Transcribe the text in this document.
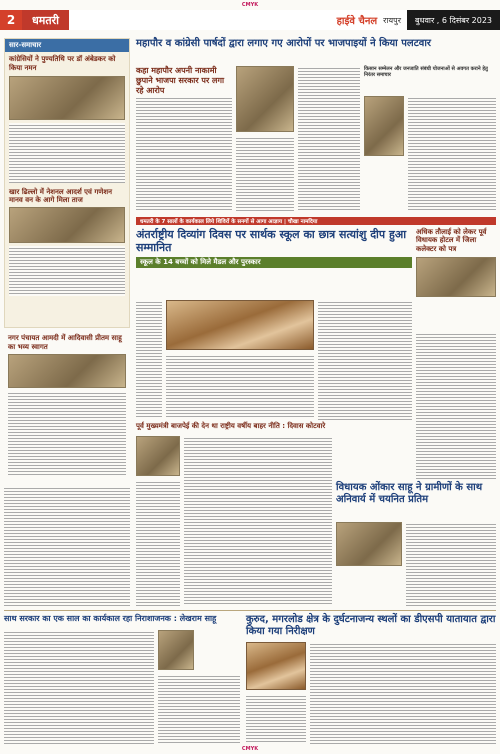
CMYK
2	धमतरी	हाईवे चैनल रायपुर	बुधवार , 6 दिसंबर 2023
सार-समाचार
कांग्रेसियों ने पुण्यतिथि पर डॉ अंबेडकर को किया नमन
खार ढिल्लो में नेशनल आदर्श एवं गणेशन मानव वन के आगे मिला ताज
नगर पंचायत आमदी में आदिवासी प्रीतम साहू का भव्य स्वागत
महापौर व कांग्रेसी पार्षदों द्वारा लगाए गए आरोपों पर भाजपाइयों ने किया पलटवार
कहा महापौर अपनी नाकामी छुपाने भाजपा सरकार पर लगा रहे आरोप
किसान सम्मेलन और जनजाति संबंधी योजनाओं से अवगत कराने हेतु निरंतर समाचार
धमतरी के 7 सालों के कार्यकाल लिये शिविरों के सनगों से आगा आज्ञाय | चौखा नामदिया
अंतर्राष्ट्रीय दिव्यांग दिवस पर सार्थक स्कूल का छात्र सत्यांशु दीप हुआ सम्मानित
स्कूल के 14 बच्चों को मिले मैडल और पुरस्कार
अधिक तौलाई को लेकर पूर्व विधायक होटल में जिला कलेक्टर को पत्र
पूर्व मुख्यमंत्री बाजपेई की देन था राष्ट्रीय वर्षीय बाहर नीति : दिवास कोटवारे
विधायक ओंकार साहू ने ग्रामीणों के साथ अनिवार्य में चयनित प्रतिम
साथ सरकार का एक साल का कार्यकाल रहा निराशाजनक : लेखराम साहू	कुरुद, मगरलोड क्षेत्र के दुर्घटनाजन्य स्थलों का डीएसपी यातायात द्वारा किया गया निरीक्षण
CMYK
